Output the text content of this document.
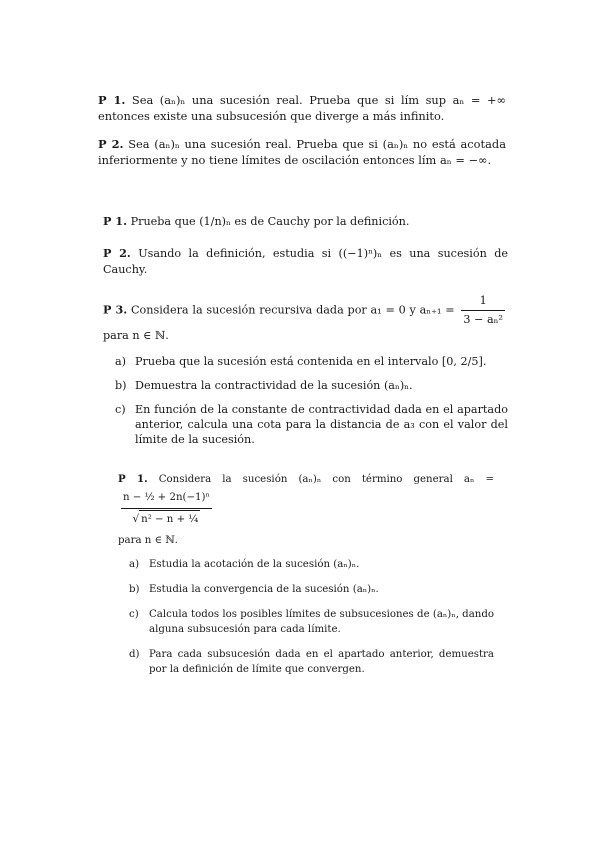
P 1. Sea (aₙ)ₙ una sucesión real. Prueba que si lím sup aₙ = +∞ entonces existe una subsucesión que diverge a más infinito.

P 2. Sea (aₙ)ₙ una sucesión real. Prueba que si (aₙ)ₙ no está acotada inferiormente y no tiene límites de oscilación entonces lím aₙ = −∞.

P 1. Prueba que (1/n)ₙ es de Cauchy por la definición.

P 2. Usando la definición, estudia si ((−1)ⁿ)ₙ es una sucesión de Cauchy.

P 3. Considera la sucesión recursiva dada por a₁ = 0 y $a_{n+1} = \frac{1}{\text{3 − aₙ²}}$
para n ∈ ℕ.

a) Prueba que la sucesión está contenida en el intervalo [0, 2/5].
b) Demuestra la contractividad de la sucesión (aₙ)ₙ.
c) En función de la constante de contractividad dada en el apartado anterior, calcula una cota para la distancia de a₃ con el valor del límite de la sucesión.

P 1. Considera la sucesión (aₙ)ₙ con término general aₙ =
$\frac{\text{n − ½ + 2n(−1)ⁿ}}{\text{√ n² − n + ¼}}$

para n ∈ ℕ.

a) Estudia la acotación de la sucesión (aₙ)ₙ.
b) Estudia la convergencia de la sucesión (aₙ)ₙ.
c) Calcula todos los posibles límites de subsucesiones de (aₙ)ₙ, dando alguna subsucesión para cada límite.
d) Para cada subsucesión dada en el apartado anterior, demuestra por la definición de límite que convergen.
